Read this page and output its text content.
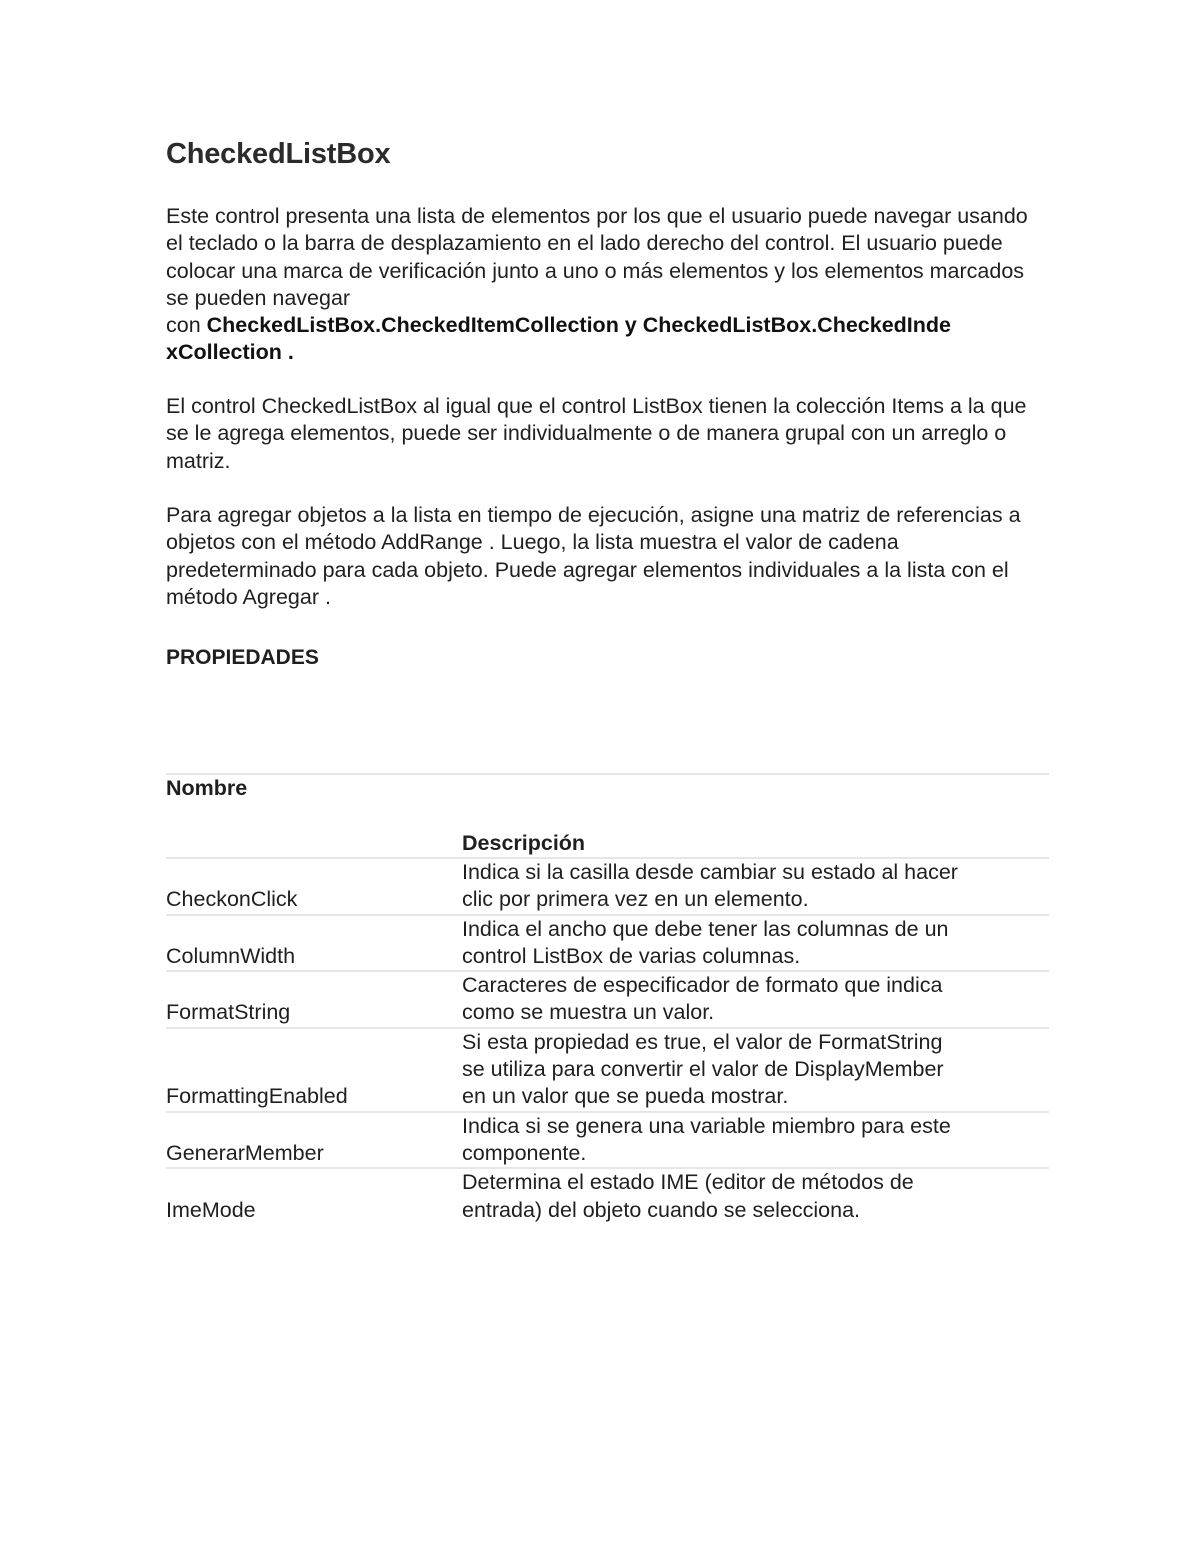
CheckedListBox

Este control presenta una lista de elementos por los que el usuario puede navegar usando el teclado o la barra de desplazamiento en el lado derecho del control. El usuario puede colocar una marca de verificación junto a uno o más elementos y los elementos marcados se pueden navegar
con CheckedListBox.CheckedItemCollection y CheckedListBox.CheckedInde
xCollection .

El control CheckedListBox al igual que el control ListBox tienen la colección Items a la que se le agrega elementos, puede ser individualmente o de manera grupal con un arreglo o matriz.

Para agregar objetos a la lista en tiempo de ejecución, asigne una matriz de referencias a objetos con el método AddRange . Luego, la lista muestra el valor de cadena predeterminado para cada objeto. Puede agregar elementos individuales a la lista con el método Agregar .

PROPIEDADES
Nombre	Descripción
CheckonClick	Indica si la casilla desde cambiar su estado al hacer clic por primera vez en un elemento.

ColumnWidth	Indica el ancho que debe tener las columnas de un control ListBox de varias columnas.

FormatString	Caracteres de especificador de formato que indica como se muestra un valor.

FormattingEnabled	Si esta propiedad es true, el valor de FormatString se utiliza para convertir el valor de DisplayMember en un valor que se pueda mostrar.

GenerarMember	Indica si se genera una variable miembro para este componente.

ImeMode	Determina el estado IME (editor de métodos de entrada) del objeto cuando se selecciona.
